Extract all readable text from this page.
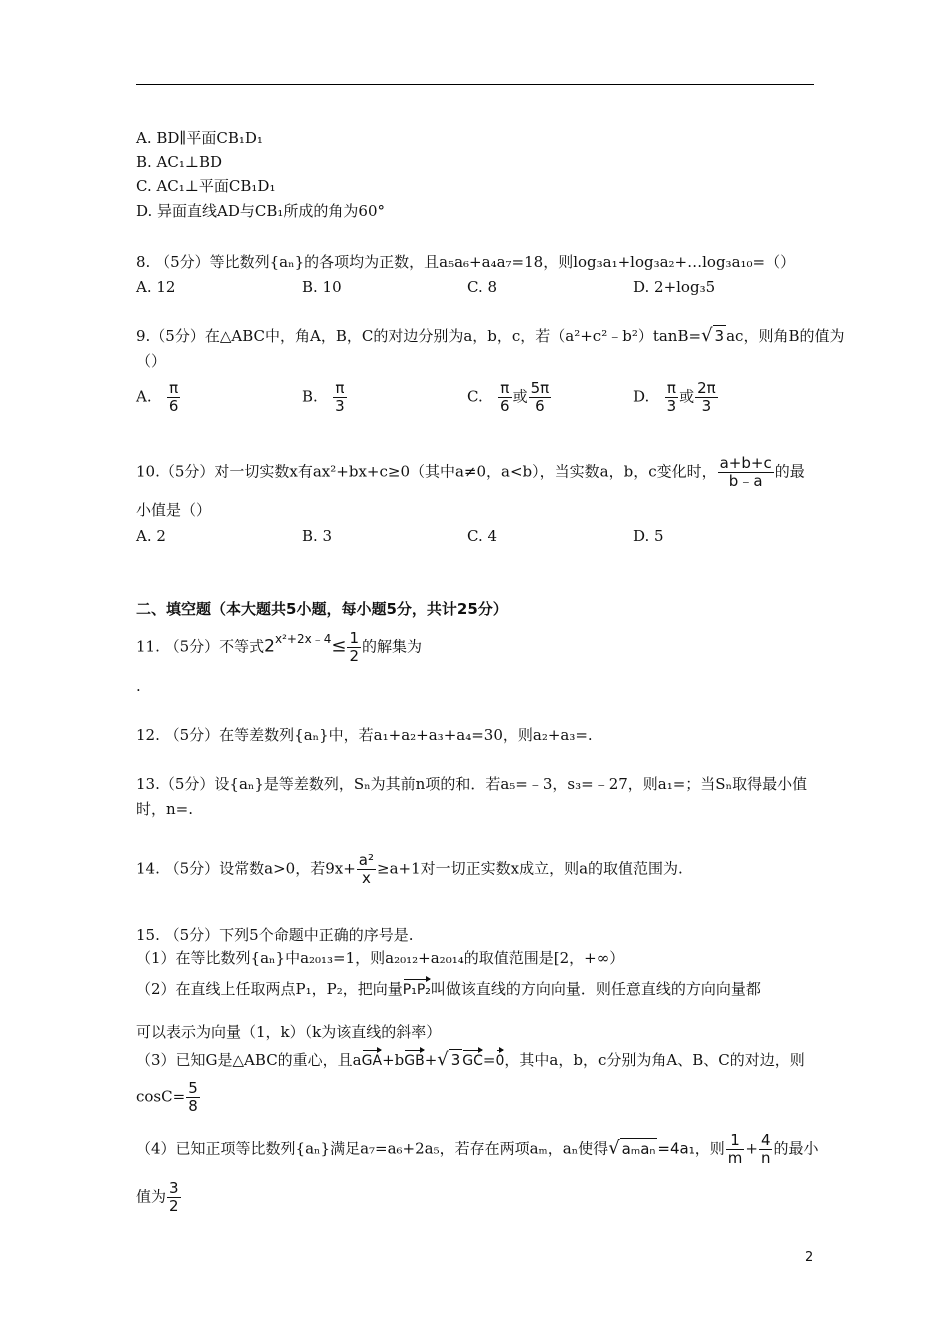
A. BD∥平面CB₁D₁
B. AC₁⊥BD
C. AC₁⊥平面CB₁D₁
D. 异面直线AD与CB₁所成的角为60°
8. （5分）等比数列{aₙ}的各项均为正数，且a₅a₆+a₄a₇=18，则log₃a₁+log₃a₂+…log₃a₁₀=（）
A. 12	B. 10	C. 8	D. 2+log₃5
9.（5分）在△ABC中，角A，B，C的对边分别为a，b，c，若（a²+c²﹣b²）tanB=√ 3 ac，则角B的值为
（）
A. $\frac{\pi}{6}$	B. $\frac{\pi}{3}$	C. $\frac{\pi}{6}$ 或 $\frac{5\pi}{6}$	D. $\frac{\pi}{3}$ 或 $\frac{2\pi}{3}$
10.（5分）对一切实数x有ax²+bx+c≥0（其中a≠0，a<b），当实数a，b，c变化时， $\frac{a+b+c}{b﹣a}$ 的最
小值是（）
A. 2	B. 3	C. 4	D. 5
二、填空题（本大题共5小题，每小题5分，共计25分）
11. （5分）不等式$2^{x^2+2x﹣4}\le \frac{1}{2}$ 的解集为
.
12. （5分）在等差数列{aₙ}中，若a₁+a₂+a₃+a₄=30，则a₂+a₃=.
13.（5分）设{aₙ}是等差数列，Sₙ为其前n项的和．若a₅=﹣3，s₃=﹣27，则a₁=；当Sₙ取得最小值
时，n=.
14. （5分）设常数a>0，若$9x+ \frac{\text{a²}}{x} \ge a+1$对一切正实数x成立，则a的取值范围为.
15. （5分）下列5个命题中正确的序号是.
（1）在等比数列{aₙ}中a₂₀₁₃=1，则a₂₀₁₂+a₂₀₁₄的取值范围是[2，+∞）
（2）在直线上任取两点P₁，P₂，把向量P₁P₂叫做该直线的方向向量．则任意直线的方向向量都
可以表示为向量（1，k）（k为该直线的斜率）
（3）已知G是△ABC的重心，且aGA+bGB+√ 3 GC=0，其中a，b，c分别为角A、B、C的对边，则
$\cos C= \frac{5}{8}$
（4）已知正项等比数列{aₙ}满足a₇=a₆+2a₅，若存在两项aₘ，aₙ使得√ aₘaₙ =4a₁，则 $\frac{1}{m} + \frac{4}{n}$ 的最小
值为 $\frac{3}{2}$
2
